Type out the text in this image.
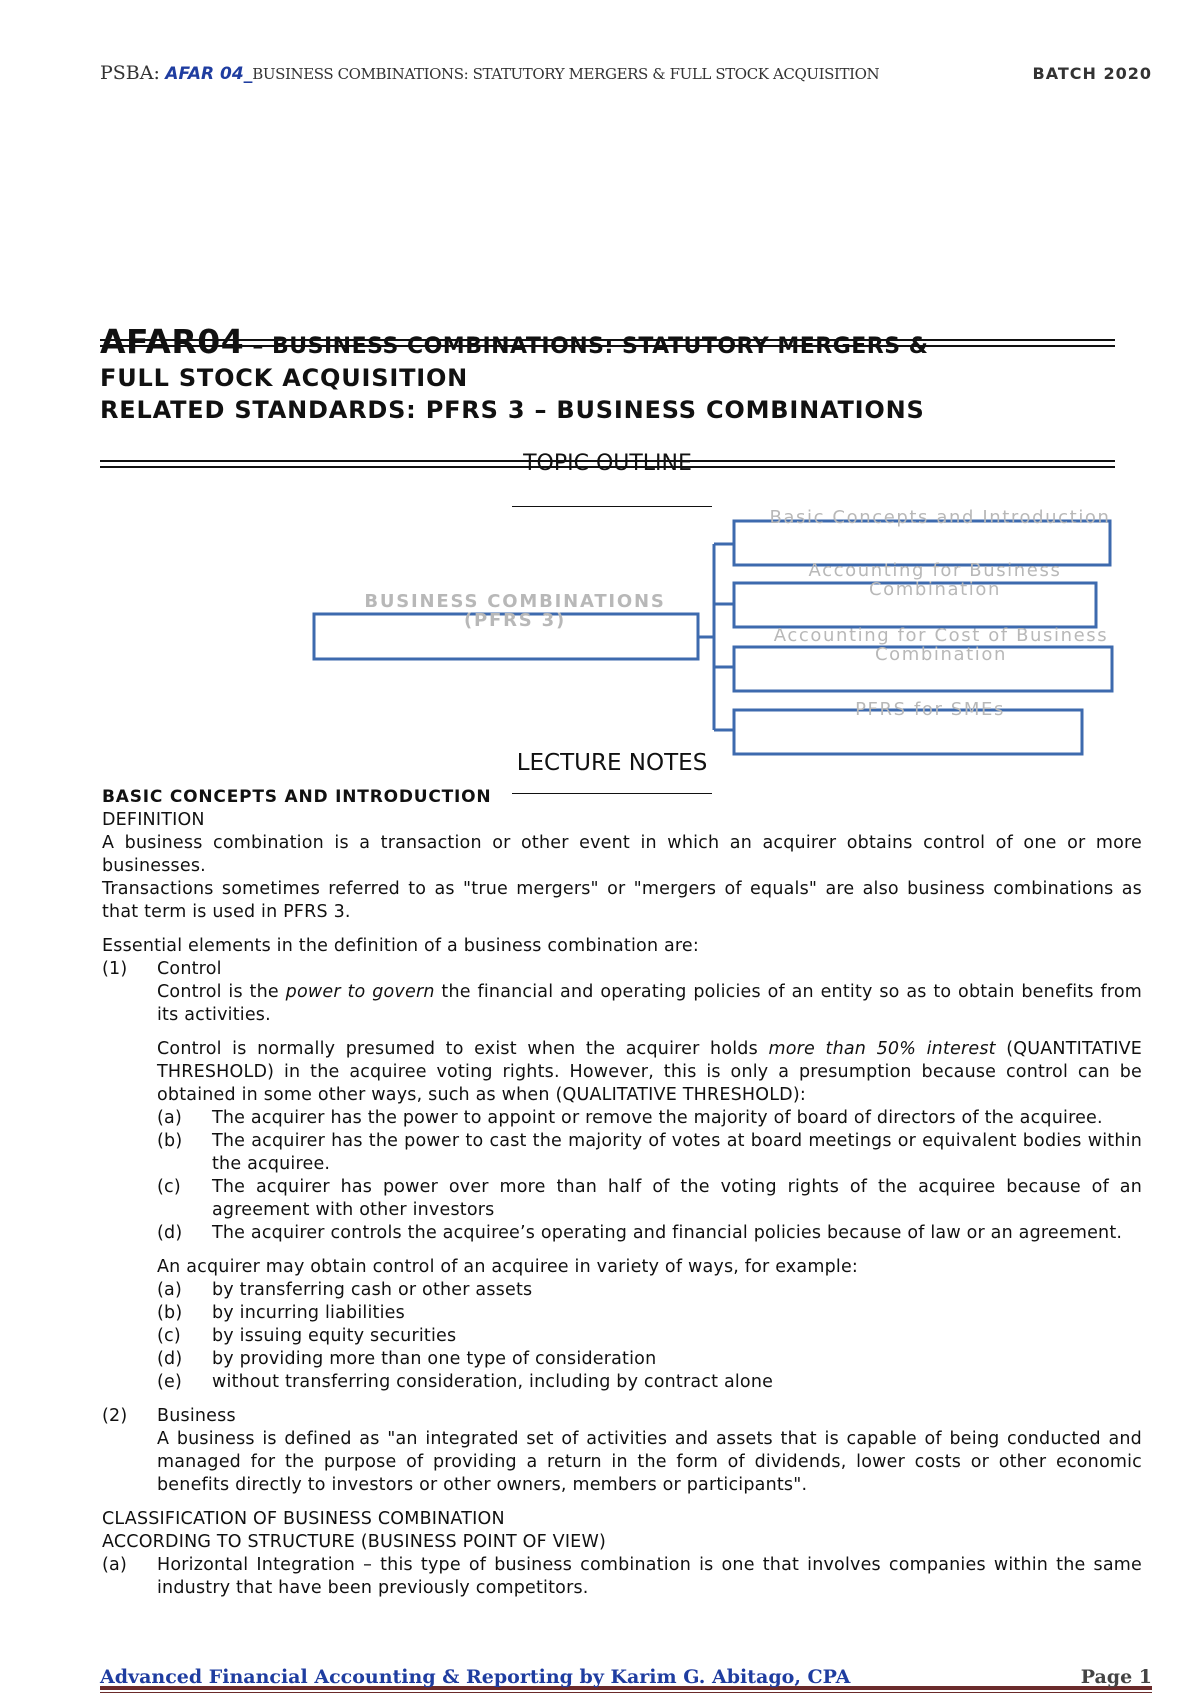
PSBA: AFAR 04_BUSINESS COMBINATIONS: STATUTORY MERGERS & FULL STOCK ACQUISITION	BATCH 2020
AFAR04 – BUSINESS COMBINATIONS: STATUTORY MERGERS &
FULL STOCK ACQUISITION
RELATED STANDARDS: PFRS 3 – BUSINESS COMBINATIONS
TOPIC OUTLINE
BUSINESS COMBINATIONS (PFRS 3)
Basic Concepts and Introduction
Accounting for Business Combination
Accounting for Cost of Business Combination
PFRS for SMEs
LECTURE NOTES

BASIC CONCEPTS AND INTRODUCTION

DEFINITION

A business combination is a transaction or other event in which an acquirer obtains control of one or more businesses.

Transactions sometimes referred to as "true mergers" or "mergers of equals" are also business combinations as that term is used in PFRS 3.

Essential elements in the definition of a business combination are:

(1)	Control

Control is the power to govern the financial and operating policies of an entity so as to obtain benefits from its activities.

Control is normally presumed to exist when the acquirer holds more than 50% interest (QUANTITATIVE THRESHOLD) in the acquiree voting rights. However, this is only a presumption because control can be obtained in some other ways, such as when (QUALITATIVE THRESHOLD):

(a)	The acquirer has the power to appoint or remove the majority of board of directors of the acquiree.
(b)	The acquirer has the power to cast the majority of votes at board meetings or equivalent bodies within the acquiree.
(c)	The acquirer has power over more than half of the voting rights of the acquiree because of an agreement with other investors
(d)	The acquirer controls the acquiree’s operating and financial policies because of law or an agreement.

An acquirer may obtain control of an acquiree in variety of ways, for example:

(a)	by transferring cash or other assets
(b)	by incurring liabilities
(c)	by issuing equity securities
(d)	by providing more than one type of consideration
(e)	without transferring consideration, including by contract alone
(2)	Business

A business is defined as "an integrated set of activities and assets that is capable of being conducted and managed for the purpose of providing a return in the form of dividends, lower costs or other economic benefits directly to investors or other owners, members or participants".

CLASSIFICATION OF BUSINESS COMBINATION

ACCORDING TO STRUCTURE (BUSINESS POINT OF VIEW)

(a)	Horizontal Integration – this type of business combination is one that involves companies within the same industry that have been previously competitors.
Advanced Financial Accounting & Reporting by Karim G. Abitago, CPA	Page 1
